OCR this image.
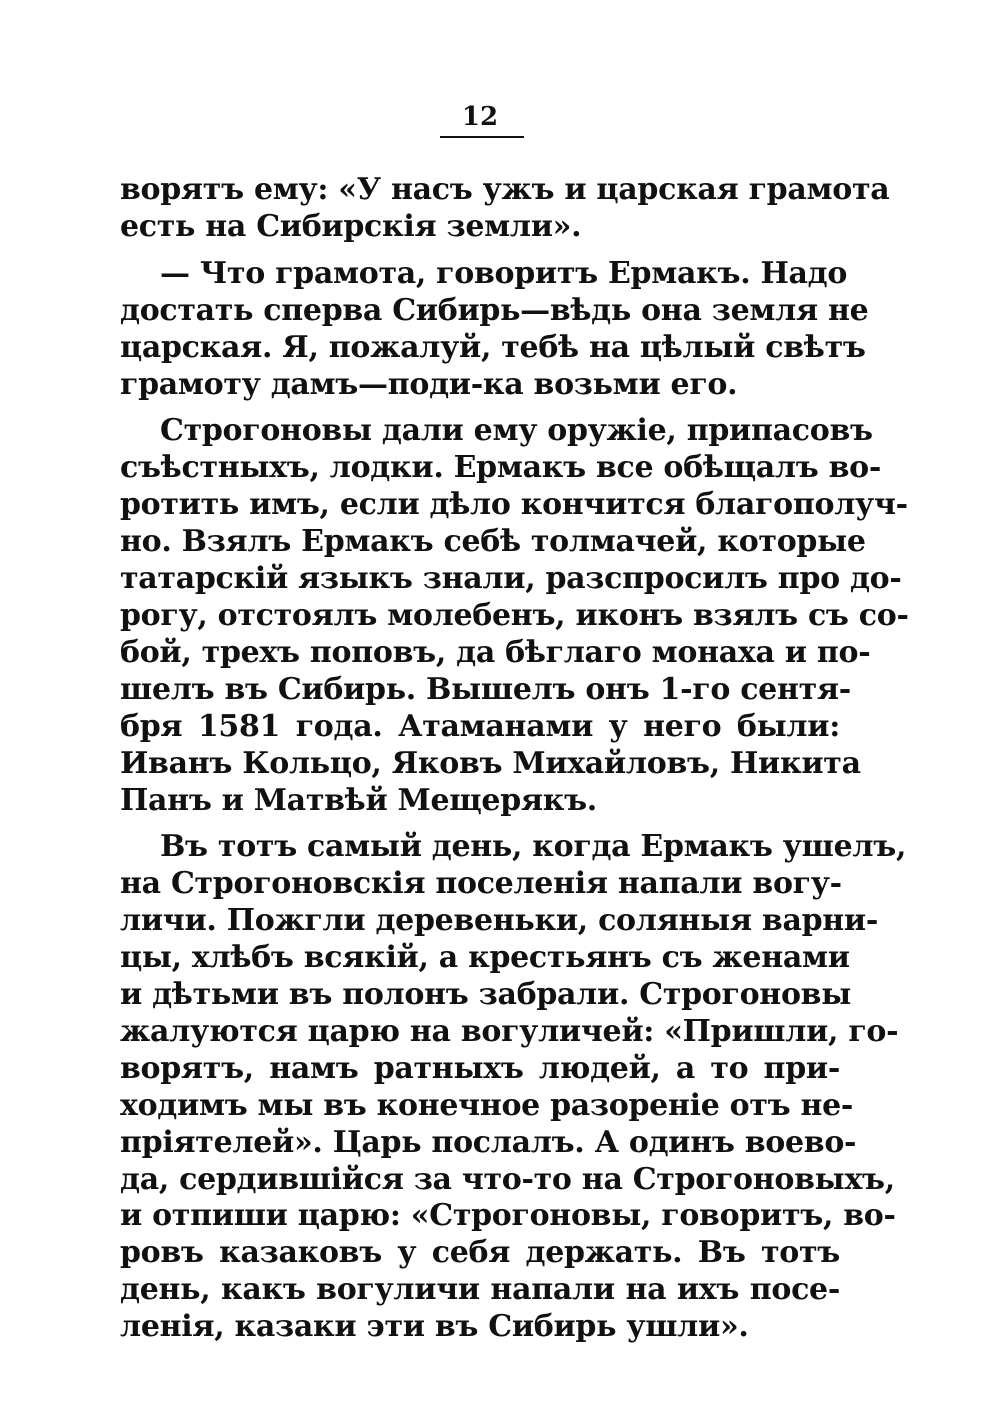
12
ворятъ ему: «У насъ ужъ и царская грамота
есть на Сибирскія земли».
— Что грамота, говоритъ Ермакъ. Надо
достать сперва Сибирь—вѣдь она земля не
царская. Я, пожалуй, тебѣ на цѣлый свѣтъ
грамоту дамъ—поди-ка возьми его.
Строгоновы дали ему оружіе, припасовъ
съѣстныхъ, лодки. Ермакъ все обѣщалъ во-
ротить имъ, если дѣло кончится благополуч-
но. Взялъ Ермакъ себѣ толмачей, которые
татарскій языкъ знали, разспросилъ про до-
рогу, отстоялъ молебенъ, иконъ взялъ съ со-
бой, трехъ поповъ, да бѣглаго монаха и по-
шелъ въ Сибирь. Вышелъ онъ 1-го сентя-
бря 1581 года. Атаманами у него были:
Иванъ Кольцо, Яковъ Михайловъ, Никита
Панъ и Матвѣй Мещерякъ.
Въ тотъ самый день, когда Ермакъ ушелъ,
на Строгоновскія поселенія напали вогу-
личи. Пожгли деревеньки, соляныя варни-
цы, хлѣбъ всякій, а крестьянъ съ женами
и дѣтьми въ полонъ забрали. Строгоновы
жалуются царю на вогуличей: «Пришли, го-
ворятъ, намъ ратныхъ людей, а то при-
ходимъ мы въ конечное разореніе отъ не-
пріятелей». Царь послалъ. А одинъ воево-
да, сердившійся за что-то на Строгоновыхъ,
и отпиши царю: «Строгоновы, говоритъ, во-
ровъ казаковъ у себя держать. Въ тотъ
день, какъ вогуличи напали на ихъ посе-
ленія, казаки эти въ Сибирь ушли».
